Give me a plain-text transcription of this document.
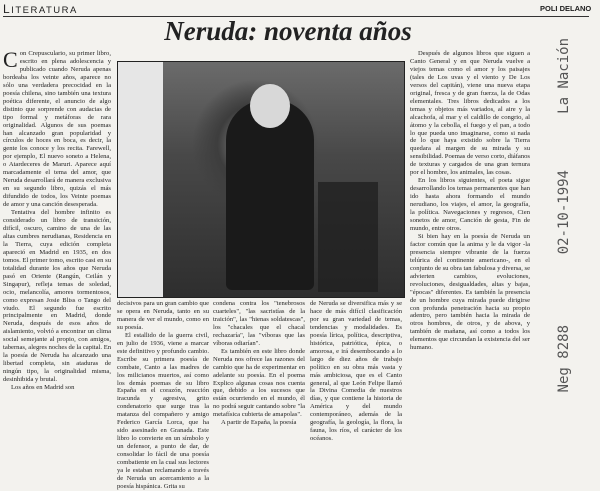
LITERATURA	POLI DELANO
Neruda: noventa años

Con Crepusculario, su primer libro, escrito en plena adolescencia y publicado cuando Neruda apenas bordeaba los veinte años, aparece no sólo una verdadera precocidad en la poesía chilena, sino también una textura poética diferente, el anuncio de algo distinto que sorprende con audacias de tipo formal y metáforas de rara originalidad. Algunos de sus poemas han alcanzado gran popularidad y círculos de hoces en boca, es decir, la gente los conoce y los recita. Farewell, por ejemplo, El nuevo soneto a Helena, o Atardeceres de Maruri. Aparece aquí marcadamente el tema del amor, que Neruda desarrollará de manera exclusiva en su segundo libro, quizás el más difundido de todos, los Veinte poemas de amor y una canción desesperada.

Tentativa del hombre infinito es considerado un libro de transición, difícil, oscuro, camino de una de las altas cumbres nerudianas, Residencia en la Tierra, cuya edición completa apareció en Madrid en 1935, en dos tomos. El primer tomo, escrito casi en su totalidad durante los años que Neruda pasó en Oriente (Rangún, Ceilán y Singapur), refleja temas de soledad, ocio, melancolía, amores tormentosos, como expresan Josie Bliss o Tango del viudo. El segundo fue escrito principalmente en Madrid, donde Neruda, después de esos años de aislamiento, volvió a encontrar un clima social semejante al propio, con amigos, tabernas, alegres noches de la capital. En la poesía de Neruda ha alcanzado una libertad completa, sin ataduras de ningún tipo, la originalidad misma, desinhibida y brutal.

Los años en Madrid son

decisivos para un gran cambio que se opera en Neruda, tanto en su manera de ver el mundo, como en su poesía.

El estallido de la guerra civil, en julio de 1936, viene a marcar este definitivo y profundo cambio. Escribe su primera poesía de combate, Canto a las madres de los milicianos muertos, así como los demás poemas de su libro España en el corazón, reacción iracunda y agresiva, grito condenatorio que surge tras la matanza del compañero y amigo Federico García Lorca, que ha sido asesinado en Granada. Este libro lo convierte en un símbolo y un defensor, a punto de dar, de consolidar lo fácil de una poesía combatiente en la cual sus lectores ya le estaban reclamando a través de Neruda un acercamiento a la poesía hispánica. Grita su

condena contra los "tenebrosos cuarteles", "las sacristías de la traición", las "hienas soldatescas", los "chacales que el chacal rechazaría", las "víboras que las víboras odiarían".

Es también en este libro donde Neruda nos ofrece las razones del cambio que ha de experimentar en adelante su poesía. En el poema Explico algunas cosas nos cuenta que, debido a los sucesos que están ocurriendo en el mundo, él no podrá seguir cantando sobre "la metafísica cubierta de amapolas".

A partir de España, la poesía

de Neruda se diversifica más y se hace de más difícil clasificación por su gran variedad de temas, tendencias y modalidades. Es poesía lírica, política, descriptiva, histórica, patriótica, épica, o amorosa, e irá desembocando a lo largo de diez años de trabajo político en su obra más vasta y más ambiciosa, que es el Canto general, al que León Felipe llamó la Divina Comedia de nuestros días, y que contiene la historia de América y del mundo contemporáneo, además de la geografía, la geología, la flora, la fauna, los ríos, el carácter de los océanos.

Después de algunos libros que siguen a Canto General y en que Neruda vuelve a viejos temas como el amor y los paisajes (tales de Los uvas y el viento y De Los versos del capitán), viene una nueva etapa original, fresca y de gran fuerza, la de Odas elementales. Tres libros dedicados a los temas y objetos más variados, al aire y la alcachofa, al mar y el caldillo de congrio, al átomo y la cebolla, el fuego y el pan, a todo lo que pueda uno imaginarse, como si nada de lo que haya existido sobre la Tierra quedara al margen de su mirada y su sensibilidad. Poemas de verso corto, diáfanos de texturas y cargados de una gran ternura por el hombre, los animales, las cosas.

En los libros siguientes, el poeta sigue desarrollando los temas permanentes que han ido hasta ahora formando el mundo nerudiano, los viajes, el amor, la geografía, la política. Navegaciones y regresos, Cien sonetos de amor, Canción de gesta, Fin de mundo, entre otros.

Si bien hay en la poesía de Neruda un factor común que la anima y le da vigor -la presencia siempre vibrante de la fuerza telúrica del continente americano-, en el conjunto de su obra tan fabulosa y diversa, se advierten cambios, evoluciones, revoluciones, desigualdades, altas y bajas, "épocas" diferentes. Es también la presencia de un hombre cuya mirada puede dirigirse con profunda penetración hacia su propio adentro, pero también hacia la mirada de otros hombres, de otros, y de abova, y también de mañana, así como a todos los elementos que circundan la existencia del ser humano.

La Nación
02-10-1994
Neg 8288
